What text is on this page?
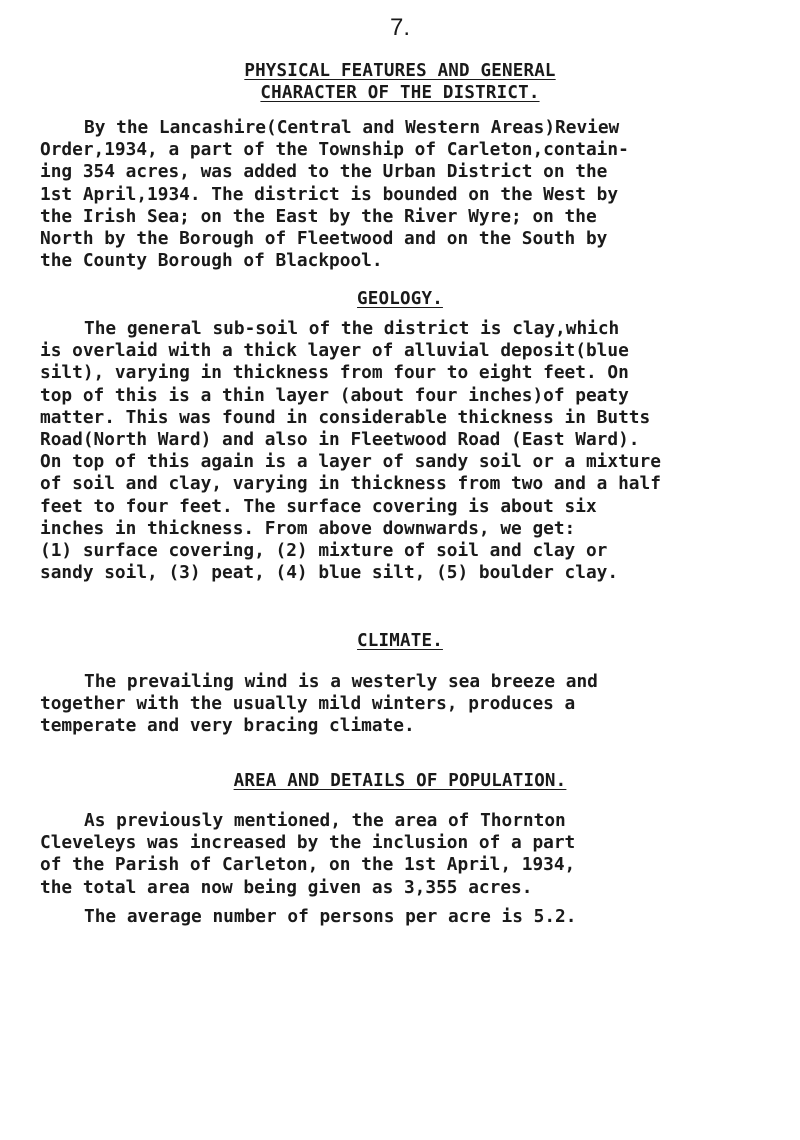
7.
PHYSICAL FEATURES AND GENERAL
CHARACTER OF THE DISTRICT.
By the Lancashire(Central and Western Areas)Review
Order,1934, a part of the Township of Carleton,contain-
ing 354 acres, was added to the Urban District on the
1st April,1934. The district is bounded on the West by
the Irish Sea; on the East by the River Wyre; on the
North by the Borough of Fleetwood and on the South by
the County Borough of Blackpool.
GEOLOGY.
The general sub-soil of the district is clay,which
is overlaid with a thick layer of alluvial deposit(blue
silt), varying in thickness from four to eight feet. On
top of this is a thin layer (about four inches)of peaty
matter. This was found in considerable thickness in Butts
Road(North Ward) and also in Fleetwood Road (East Ward).
On top of this again is a layer of sandy soil or a mixture
of soil and clay, varying in thickness from two and a half
feet to four feet. The surface covering is about six
inches in thickness. From above downwards, we get:
(1) surface covering, (2) mixture of soil and clay or
sandy soil, (3) peat, (4) blue silt, (5) boulder clay.
CLIMATE.
The prevailing wind is a westerly sea breeze and
together with the usually mild winters, produces a
temperate and very bracing climate.
AREA AND DETAILS OF POPULATION.
As previously mentioned, the area of Thornton
Cleveleys was increased by the inclusion of a part
of the Parish of Carleton, on the 1st April, 1934,
the total area now being given as 3,355 acres.
The average number of persons per acre is 5.2.
